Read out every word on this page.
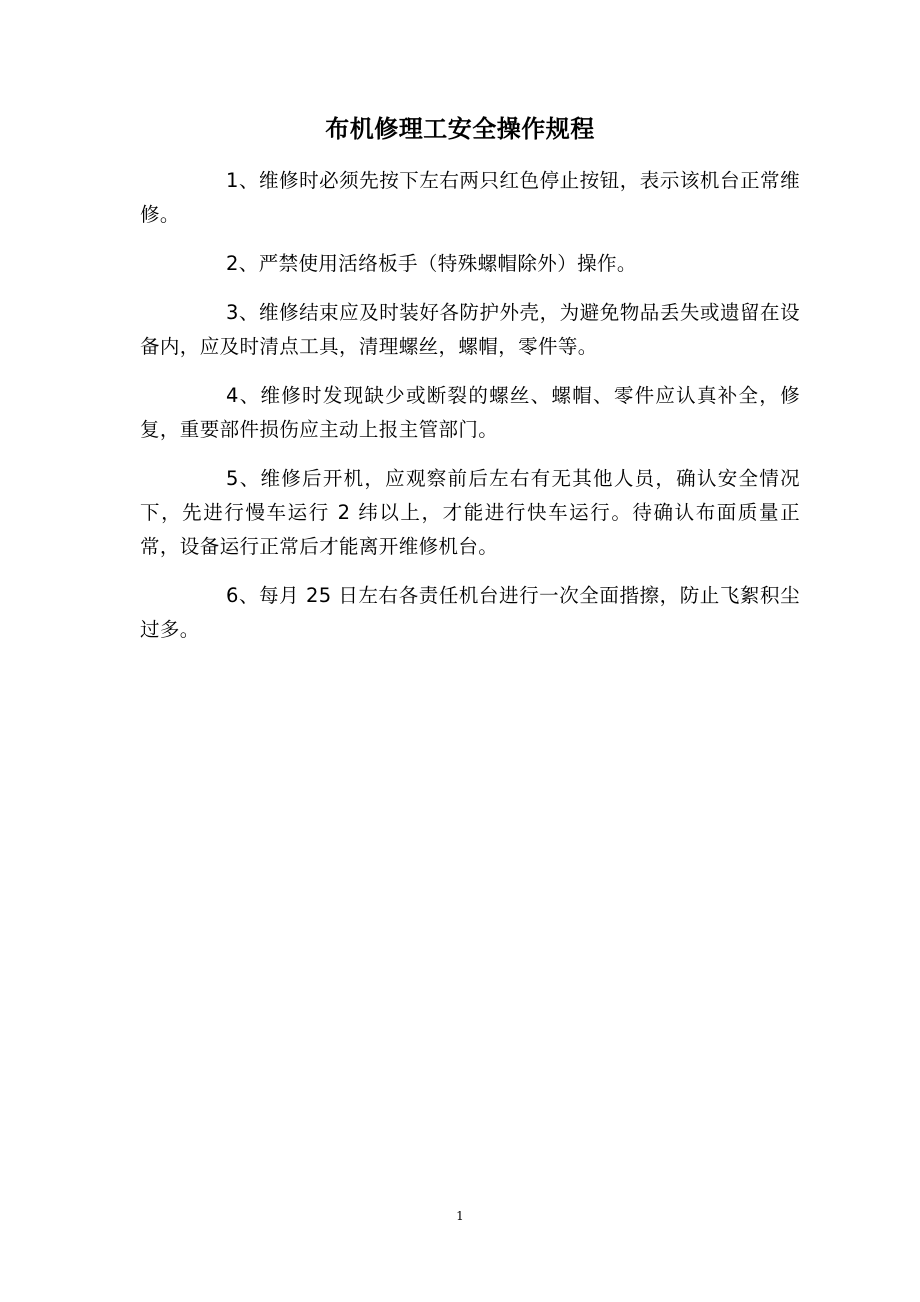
布机修理工安全操作规程

1、维修时必须先按下左右两只红色停止按钮，表示该机台正常维修。

2、严禁使用活络板手（特殊螺帽除外）操作。

3、维修结束应及时装好各防护外壳，为避免物品丢失或遗留在设备内，应及时清点工具，清理螺丝，螺帽，零件等。

4、维修时发现缺少或断裂的螺丝、螺帽、零件应认真补全，修复，重要部件损伤应主动上报主管部门。

5、维修后开机，应观察前后左右有无其他人员，确认安全情况下，先进行慢车运行 2 纬以上，才能进行快车运行。待确认布面质量正常，设备运行正常后才能离开维修机台。

6、每月 25 日左右各责任机台进行一次全面揩擦，防止飞絮积尘过多。

1
